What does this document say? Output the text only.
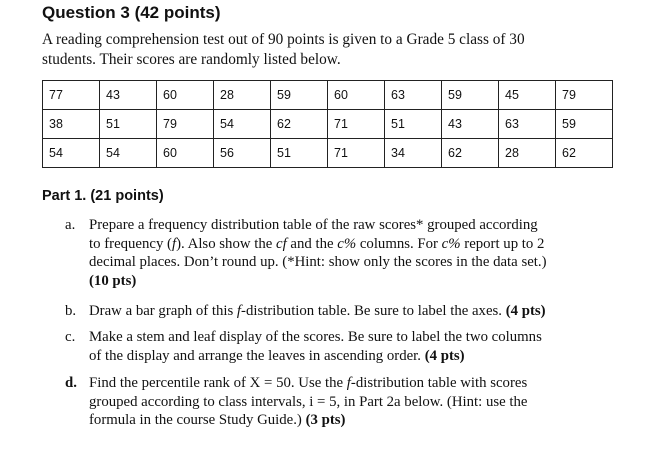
Question 3 (42 points)
A reading comprehension test out of 90 points is given to a Grade 5 class of 30
students. Their scores are randomly listed below.
77	43	60	28	59	60	63	59	45	79
38	51	79	54	62	71	51	43	63	59
54	54	60	56	51	71	34	62	28	62
Part 1. (21 points)
a. Prepare a frequency distribution table of the raw scores* grouped according
to frequency (f). Also show the cf and the c% columns. For c% report up to 2
decimal places. Don’t round up. (*Hint: show only the scores in the data set.)
(10 pts)
b. Draw a bar graph of this f-distribution table. Be sure to label the axes. (4 pts)
c. Make a stem and leaf display of the scores. Be sure to label the two columns
of the display and arrange the leaves in ascending order. (4 pts)
d. Find the percentile rank of X = 50. Use the f-distribution table with scores
grouped according to class intervals, i = 5, in Part 2a below. (Hint: use the
formula in the course Study Guide.) (3 pts)
